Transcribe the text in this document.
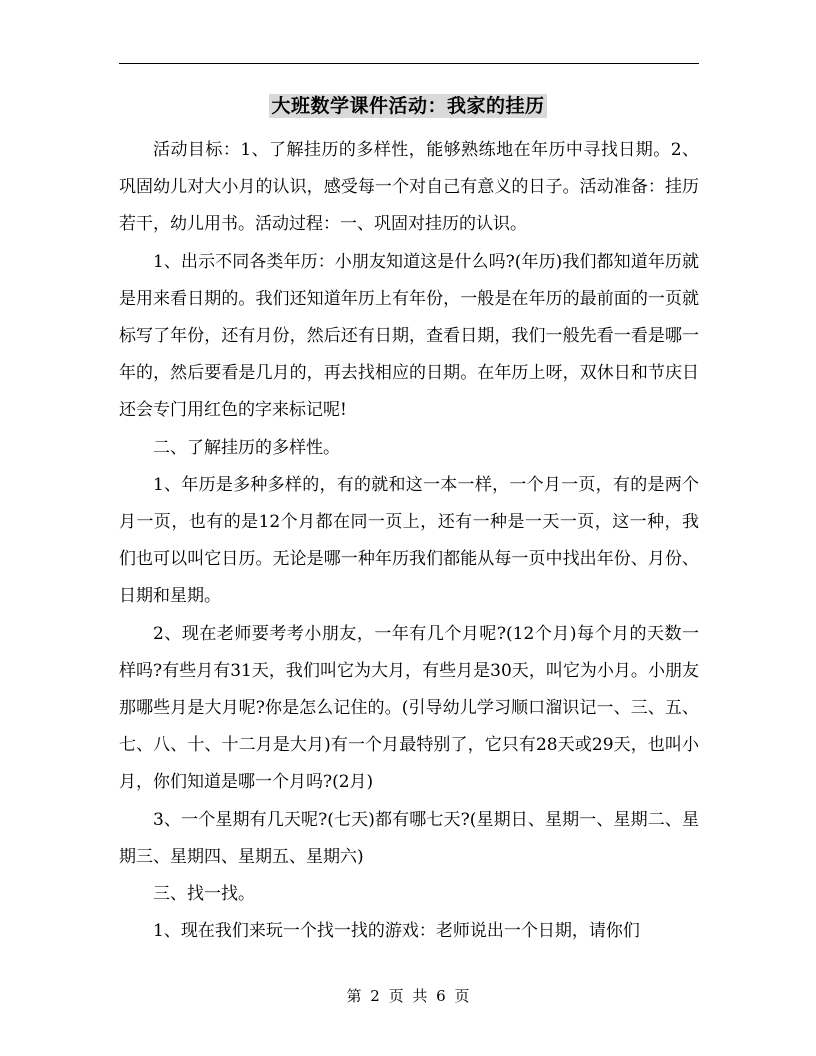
大班数学课件活动：我家的挂历

活动目标：1、了解挂历的多样性，能够熟练地在年历中寻找日期。2、巩固幼儿对大小月的认识，感受每一个对自己有意义的日子。活动准备：挂历若干，幼儿用书。活动过程：一、巩固对挂历的认识。

1、出示不同各类年历：小朋友知道这是什么吗?(年历)我们都知道年历就是用来看日期的。我们还知道年历上有年份，一般是在年历的最前面的一页就标写了年份，还有月份，然后还有日期，查看日期，我们一般先看一看是哪一年的，然后要看是几月的，再去找相应的日期。在年历上呀，双休日和节庆日还会专门用红色的字来标记呢!

二、了解挂历的多样性。

1、年历是多种多样的，有的就和这一本一样，一个月一页，有的是两个月一页，也有的是12个月都在同一页上，还有一种是一天一页，这一种，我们也可以叫它日历。无论是哪一种年历我们都能从每一页中找出年份、月份、日期和星期。

2、现在老师要考考小朋友，一年有几个月呢?(12个月)每个月的天数一样吗?有些月有31天，我们叫它为大月，有些月是30天，叫它为小月。小朋友那哪些月是大月呢?你是怎么记住的。(引导幼儿学习顺口溜识记一、三、五、七、八、十、十二月是大月)有一个月最特别了，它只有28天或29天，也叫小月，你们知道是哪一个月吗?(2月)

3、一个星期有几天呢?(七天)都有哪七天?(星期日、星期一、星期二、星期三、星期四、星期五、星期六)

三、找一找。

1、现在我们来玩一个找一找的游戏：老师说出一个日期，请你们

第 2 页 共 6 页
